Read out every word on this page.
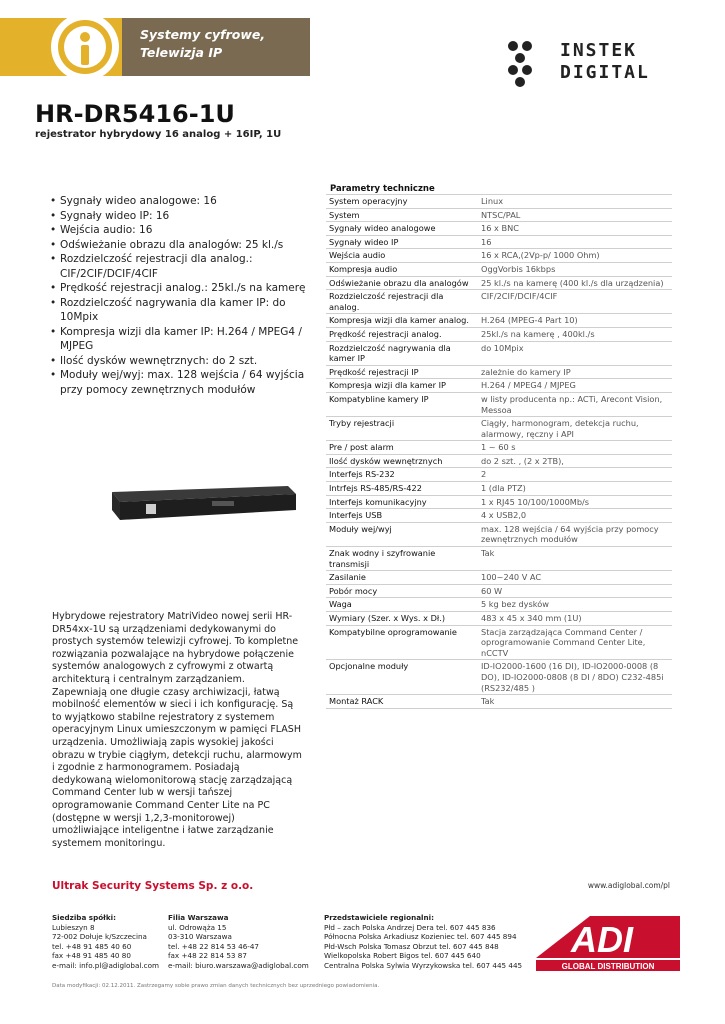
Systemy cyfrowe,
Telewizja IP	INSTEK
DIGITAL
HR-DR5416-1U
rejestrator hybrydowy 16 analog + 16IP, 1U
• Sygnały wideo analogowe: 16
• Sygnały wideo IP: 16
• Wejścia audio: 16
• Odświeżanie obrazu dla analogów: 25 kl./s
• Rozdzielczość rejestracji dla analog.: CIF/2CIF/DCIF/4CIF
• Prędkość rejestracji analog.: 25kl./s na kamerę
• Rozdzielczość nagrywania dla kamer IP: do 10Mpix
• Kompresja wizji dla kamer IP: H.264 / MPEG4 / MJPEG
• Ilość dysków wewnętrznych: do 2 szt.
• Moduły wej/wyj: max. 128 wejścia / 64 wyjścia przy pomocy zewnętrznych modułów
Hybrydowe rejestratory MatriVideo nowej serii HR-DR54xx-1U są urządzeniami dedykowanymi do prostych systemów telewizji cyfrowej. To kompletne rozwiązania pozwalające na hybrydowe połączenie systemów analogowych z cyfrowymi z otwartą architekturą i centralnym zarządzaniem. Zapewniają one długie czasy archiwizacji, łatwą mobilność elementów w sieci i ich konfigurację. Są to wyjątkowo stabilne rejestratory z systemem operacyjnym Linux umieszczonym w pamięci FLASH urządzenia. Umożliwiają zapis wysokiej jakości obrazu w trybie ciągłym, detekcji ruchu, alarmowym i zgodnie z harmonogramem. Posiadają dedykowaną wielomonitorową stację zarządzającą Command Center lub w wersji tańszej oprogramowanie Command Center Lite na PC (dostępne w wersji 1,2,3-monitorowej) umożliwiające inteligentne i łatwe zarządzanie systemem monitoringu.
Parametry techniczne
System operacyjny	Linux
System	NTSC/PAL
Sygnały wideo analogowe	16 x BNC
Sygnały wideo IP	16
Wejścia audio	16 x RCA,(2Vp-p/ 1000 Ohm)
Kompresja audio	OggVorbis 16kbps
Odświeżanie obrazu dla analogów	25 kl./s na kamerę (400 kl./s dla urządzenia)
Rozdzielczość rejestracji dla analog.	CIF/2CIF/DCIF/4CIF
Kompresja wizji dla kamer analog.	H.264 (MPEG-4 Part 10)
Prędkość rejestracji analog.	25kl./s na kamerę , 400kl./s
Rozdzielczość nagrywania dla kamer IP	do 10Mpix
Prędkość rejestracji IP	zależnie do kamery IP
Kompresja wizji dla kamer IP	H.264 / MPEG4 / MJPEG
Kompatybline kamery IP	w listy producenta np.: ACTi, Arecont Vision, Messoa
Tryby rejestracji	Ciągły, harmonogram, detekcja ruchu, alarmowy, ręczny i API
Pre / post alarm	1 ~ 60 s
Ilość dysków wewnętrznych	do 2 szt. , (2 x 2TB),
Interfejs RS-232	2
Intrfejs RS-485/RS-422	1 (dla PTZ)
Interfejs komunikacyjny	1 x RJ45 10/100/1000Mb/s
Interfejs USB	4 x USB2,0
Moduły wej/wyj	max. 128 wejścia / 64 wyjścia przy pomocy zewnętrznych modułów
Znak wodny i szyfrowanie transmisji	Tak
Zasilanie	100~240 V AC
Pobór mocy	60 W
Waga	5 kg bez dysków
Wymiary (Szer. x Wys. x Dł.)	483 x 45 x 340 mm (1U)
Kompatybilne oprogramowanie	Stacja zarządzająca Command Center / oprogramowanie Command Center Lite, nCCTV
Opcjonalne moduły	ID-IO2000-1600 (16 DI), ID-IO2000-0008 (8 DO), ID-IO2000-0808 (8 DI / 8DO) C232-485i (RS232/485 )
Montaż RACK	Tak
Ultrak Security Systems Sp. z o.o.	www.adiglobal.com/pl
Siedziba spółki:
Lubieszyn 8
72-002 Dołuje k/Szczecina
tel. +48 91 485 40 60
fax +48 91 485 40 80
e-mail: info.pl@adiglobal.com
Filia Warszawa
ul. Odrowąża 15
03-310 Warszawa
tel. +48 22 814 53 46-47
fax +48 22 814 53 87
e-mail: biuro.warszawa@adiglobal.com
Przedstawiciele regionalni:
Płd – zach Polska Andrzej Dera tel. 607 445 836
Północna Polska Arkadiusz Kozieniec tel. 607 445 894
Płd-Wsch Polska Tomasz Obrzut tel. 607 445 848
Wielkopolska Robert Bigos tel. 607 445 640
Centralna Polska Sylwia Wyrzykowska tel. 607 445 445
ADI
GLOBAL DISTRIBUTION
Data modyfikacji: 02.12.2011. Zastrzegamy sobie prawo zmian danych technicznych bez uprzedniego powiadomienia.
